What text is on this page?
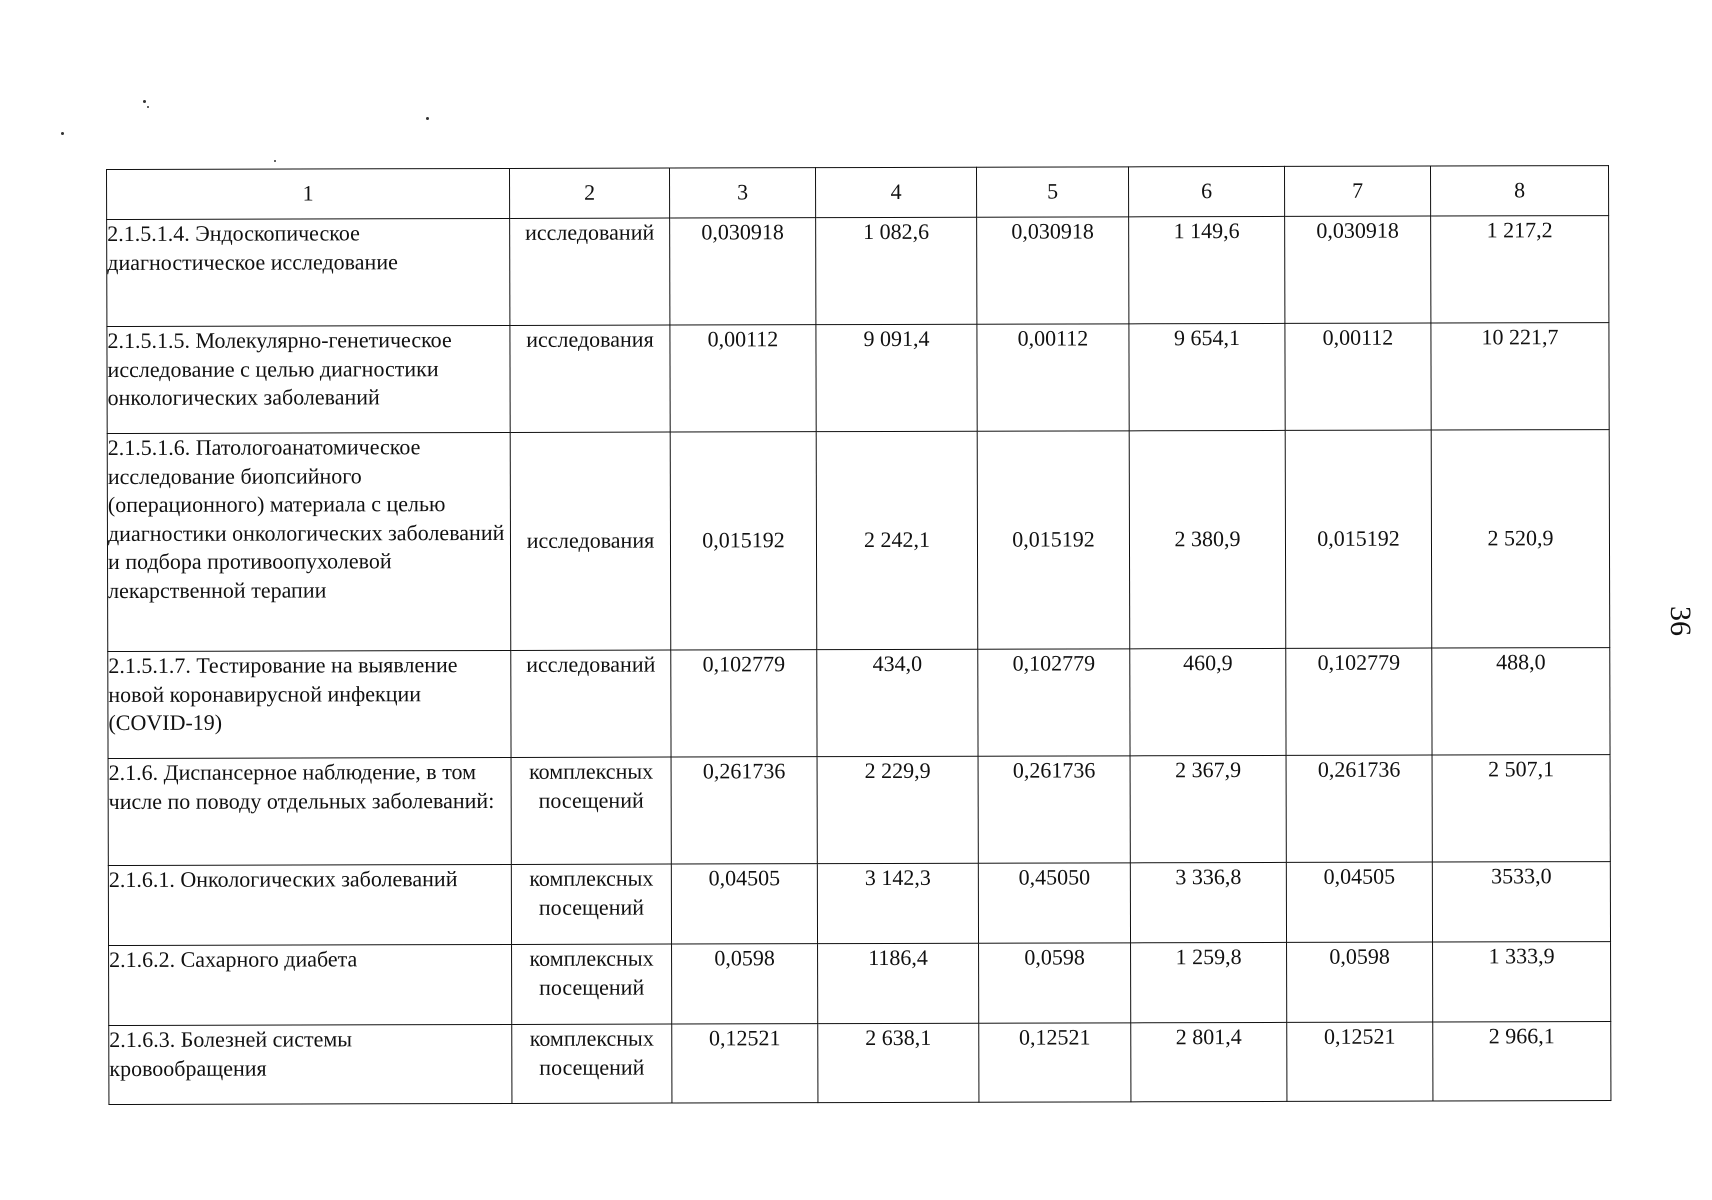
1	2	3	4	5	6	7	8
2.1.5.1.4. Эндоскопическое диагностическое исследование	исследований	0,030918	1 082,6	0,030918	1 149,6	0,030918	1 217,2
2.1.5.1.5. Молекулярно-генетическое исследование с целью диагностики онкологических заболеваний	исследования	0,00112	9 091,4	0,00112	9 654,1	0,00112	10 221,7
2.1.5.1.6. Патологоанатомическое исследование биопсийного (операционного) материала с целью диагностики онкологических заболеваний и подбора противоопухолевой лекарственной терапии	исследования	0,015192	2 242,1	0,015192	2 380,9	0,015192	2 520,9
2.1.5.1.7. Тестирование на выявление новой коронавирусной инфекции (COVID-19)	исследований	0,102779	434,0	0,102779	460,9	0,102779	488,0
2.1.6. Диспансерное наблюдение, в том числе по поводу отдельных заболеваний:	комплексных посещений	0,261736	2 229,9	0,261736	2 367,9	0,261736	2 507,1
2.1.6.1. Онкологических заболеваний	комплексных посещений	0,04505	3 142,3	0,45050	3 336,8	0,04505	3533,0
2.1.6.2. Сахарного диабета	комплексных посещений	0,0598	1186,4	0,0598	1 259,8	0,0598	1 333,9
2.1.6.3. Болезней системы кровообращения	комплексных посещений	0,12521	2 638,1	0,12521	2 801,4	0,12521	2 966,1
36
